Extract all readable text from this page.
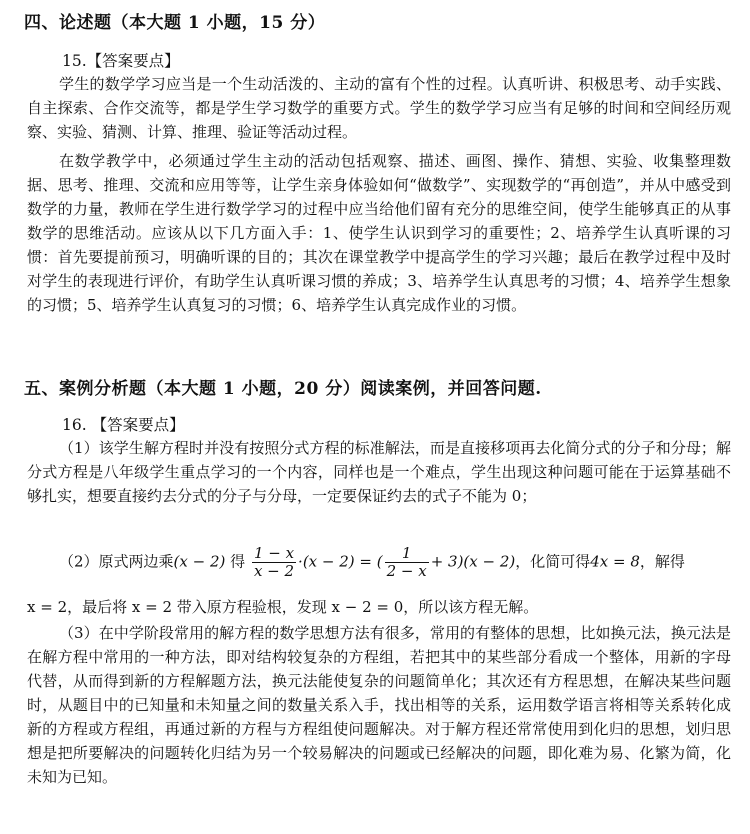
四、论述题（本大题 1 小题，15 分）
15.【答案要点】

学生的数学学习应当是一个生动活泼的、主动的富有个性的过程。认真听讲、积极思考、动手实践、自主探索、合作交流等，都是学生学习数学的重要方式。学生的数学学习应当有足够的时间和空间经历观察、实验、猜测、计算、推理、验证等活动过程。

在数学教学中，必须通过学生主动的活动包括观察、描述、画图、操作、猜想、实验、收集整理数据、思考、推理、交流和应用等等，让学生亲身体验如何“做数学”、实现数学的“再创造”，并从中感受到数学的力量，教师在学生进行数学学习的过程中应当给他们留有充分的思维空间，使学生能够真正的从事数学的思维活动。应该从以下几方面入手：1、使学生认识到学习的重要性；2、培养学生认真听课的习惯：首先要提前预习，明确听课的目的；其次在课堂教学中提高学生的学习兴趣；最后在教学过程中及时对学生的表现进行评价，有助学生认真听课习惯的养成；3、培养学生认真思考的习惯；4、培养学生想象的习惯；5、培养学生认真复习的习惯；6、培养学生认真完成作业的习惯。

五、案例分析题（本大题 1 小题，20 分）阅读案例，并回答问题.
16. 【答案要点】

（1）该学生解方程时并没有按照分式方程的标准解法，而是直接移项再去化简分式的分子和分母；解分式方程是八年级学生重点学习的一个内容，同样也是一个难点，学生出现这种问题可能在于运算基础不够扎实，想要直接约去分式的分子与分母，一定要保证约去的式子不能为 0；

（2）原式两边乘(x − 2) 得 $\frac{1 - x}{x - 2} \cdot(x - 2)$ = ( $\frac{1}{2 - x} + 3)(x - 2)$，化简可得4x = 8，解得

x = 2，最后将 x = 2 带入原方程验根，发现 x − 2 = 0，所以该方程无解。

（3）在中学阶段常用的解方程的数学思想方法有很多，常用的有整体的思想，比如换元法，换元法是在解方程中常用的一种方法，即对结构较复杂的方程组，若把其中的某些部分看成一个整体，用新的字母代替，从而得到新的方程解题方法，换元法能使复杂的问题简单化；其次还有方程思想，在解决某些问题时，从题目中的已知量和未知量之间的数量关系入手，找出相等的关系，运用数学语言将相等关系转化成新的方程或方程组，再通过新的方程与方程组使问题解决。对于解方程还常常使用到化归的思想，划归思想是把所要解决的问题转化归结为另一个较易解决的问题或已经解决的问题，即化难为易、化繁为简，化未知为已知。
